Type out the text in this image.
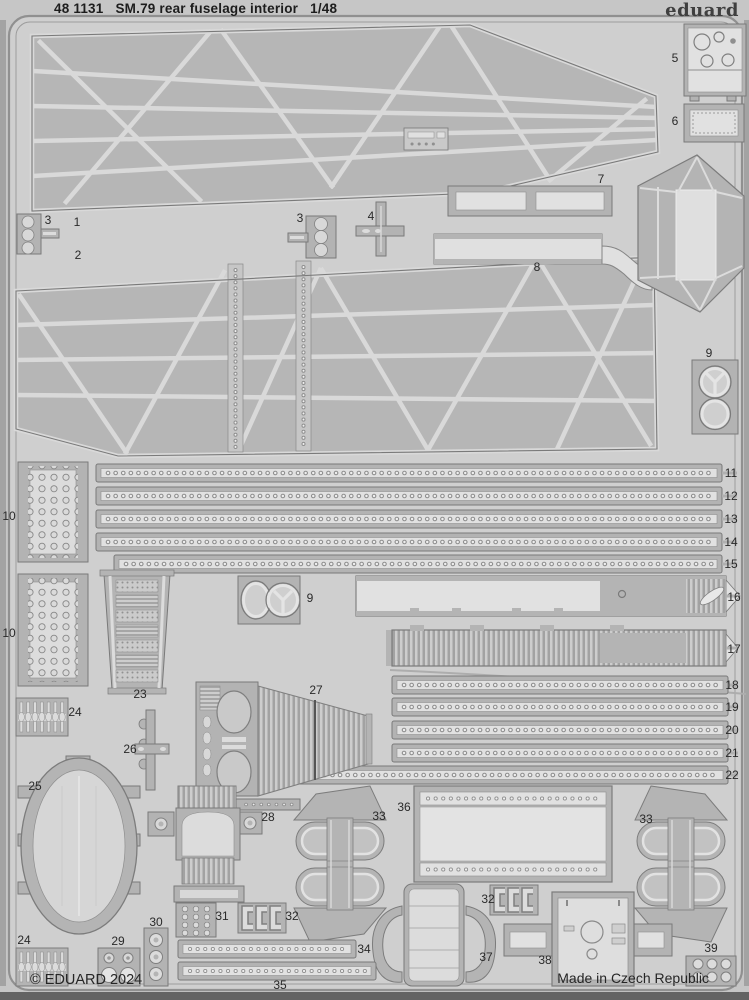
1
2
3	3	4
5
6
7
8
9
9
10
10
11
12
13
14
15
16
17
18
19
20
21
22
23
24
24
25
26
27
28
29
30	31	32
32
33	33
34
35
36
37	38
39
48 1131 SM.79 rear fuselage interior 1/48	eduard
© EDUARD 2024	Made in Czech Republic
